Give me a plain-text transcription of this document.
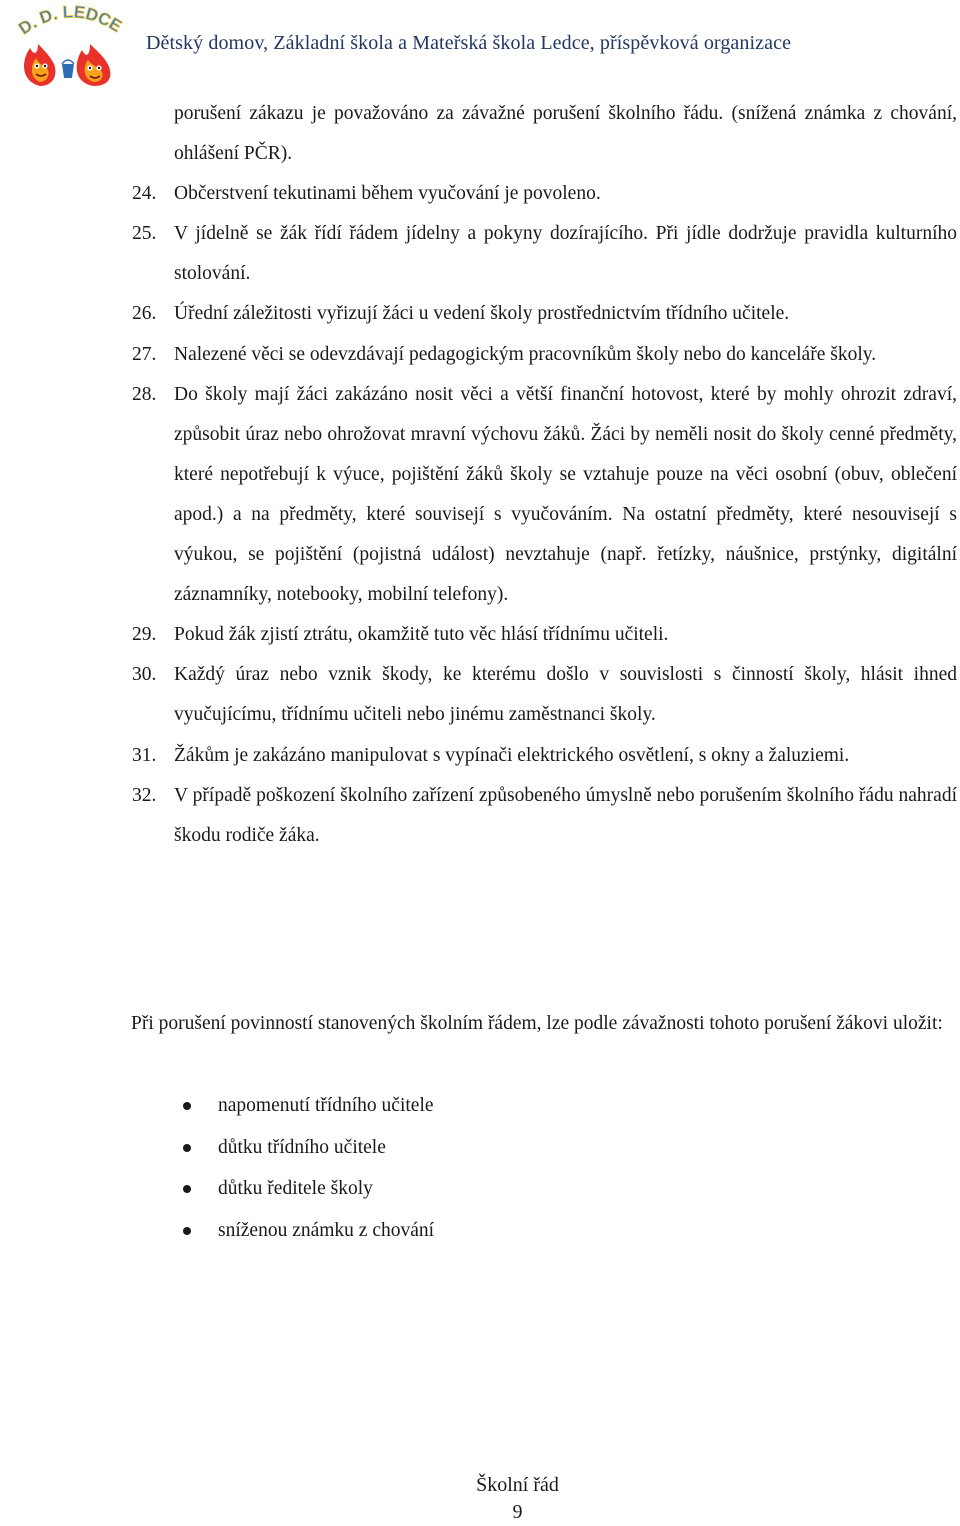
D. D. LEDCE
Dětský domov, Základní škola a Mateřská škola Ledce, příspěvková organizace
porušení zákazu je považováno za závažné porušení školního řádu. (snížená známka z chování, ohlášení PČR).
24. Občerstvení tekutinami během vyučování je povoleno.
25. V jídelně se žák řídí řádem jídelny a pokyny dozírajícího. Při jídle dodržuje pravidla kulturního stolování.
26. Úřední záležitosti vyřizují žáci u vedení školy prostřednictvím třídního učitele.
27. Nalezené věci se odevzdávají pedagogickým pracovníkům školy nebo do kanceláře školy.
28. Do školy mají žáci zakázáno nosit věci a větší finanční hotovost, které by mohly ohrozit zdraví, způsobit úraz nebo ohrožovat mravní výchovu žáků. Žáci by neměli nosit do školy cenné předměty, které nepotřebují k výuce, pojištění žáků školy se vztahuje pouze na věci osobní (obuv, oblečení apod.) a na předměty, které souvisejí s vyučováním. Na ostatní předměty, které nesouvisejí s výukou, se pojištění (pojistná událost) nevztahuje (např. řetízky, náušnice, prstýnky, digitální záznamníky, notebooky, mobilní telefony).
29. Pokud žák zjistí ztrátu, okamžitě tuto věc hlásí třídnímu učiteli.
30. Každý úraz nebo vznik škody, ke kterému došlo v souvislosti s činností školy, hlásit ihned vyučujícímu, třídnímu učiteli nebo jinému zaměstnanci školy.
31. Žákům je zakázáno manipulovat s vypínači elektrického osvětlení, s okny a žaluziemi.
32. V případě poškození školního zařízení způsobeného úmyslně nebo porušením školního řádu nahradí škodu rodiče žáka.

Při porušení povinností stanovených školním řádem, lze podle závažnosti tohoto porušení žákovi uložit:

napomenutí třídního učitele
důtku třídního učitele
důtku ředitele školy
sníženou známku z chování
Školní řád
9
